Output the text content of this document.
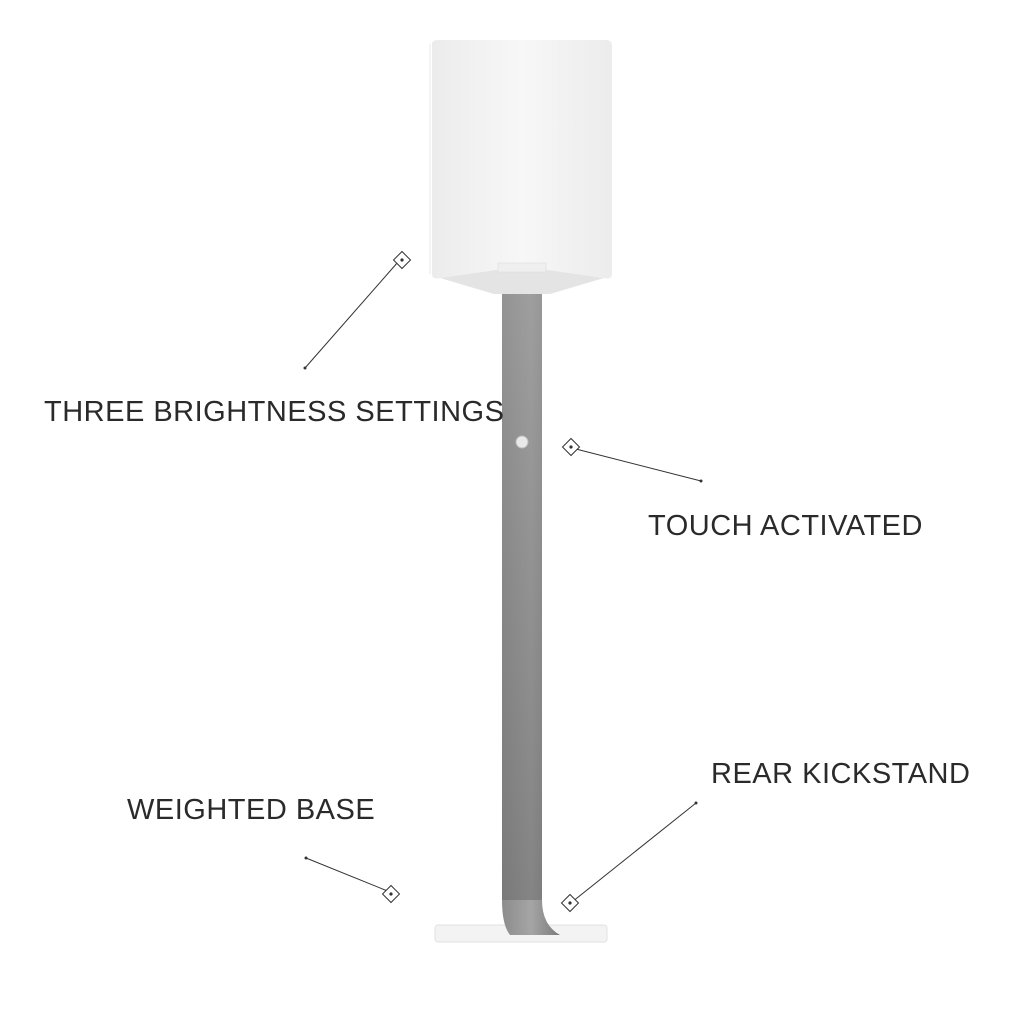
THREE BRIGHTNESS SETTINGS
TOUCH ACTIVATED
REAR KICKSTAND
WEIGHTED BASE
